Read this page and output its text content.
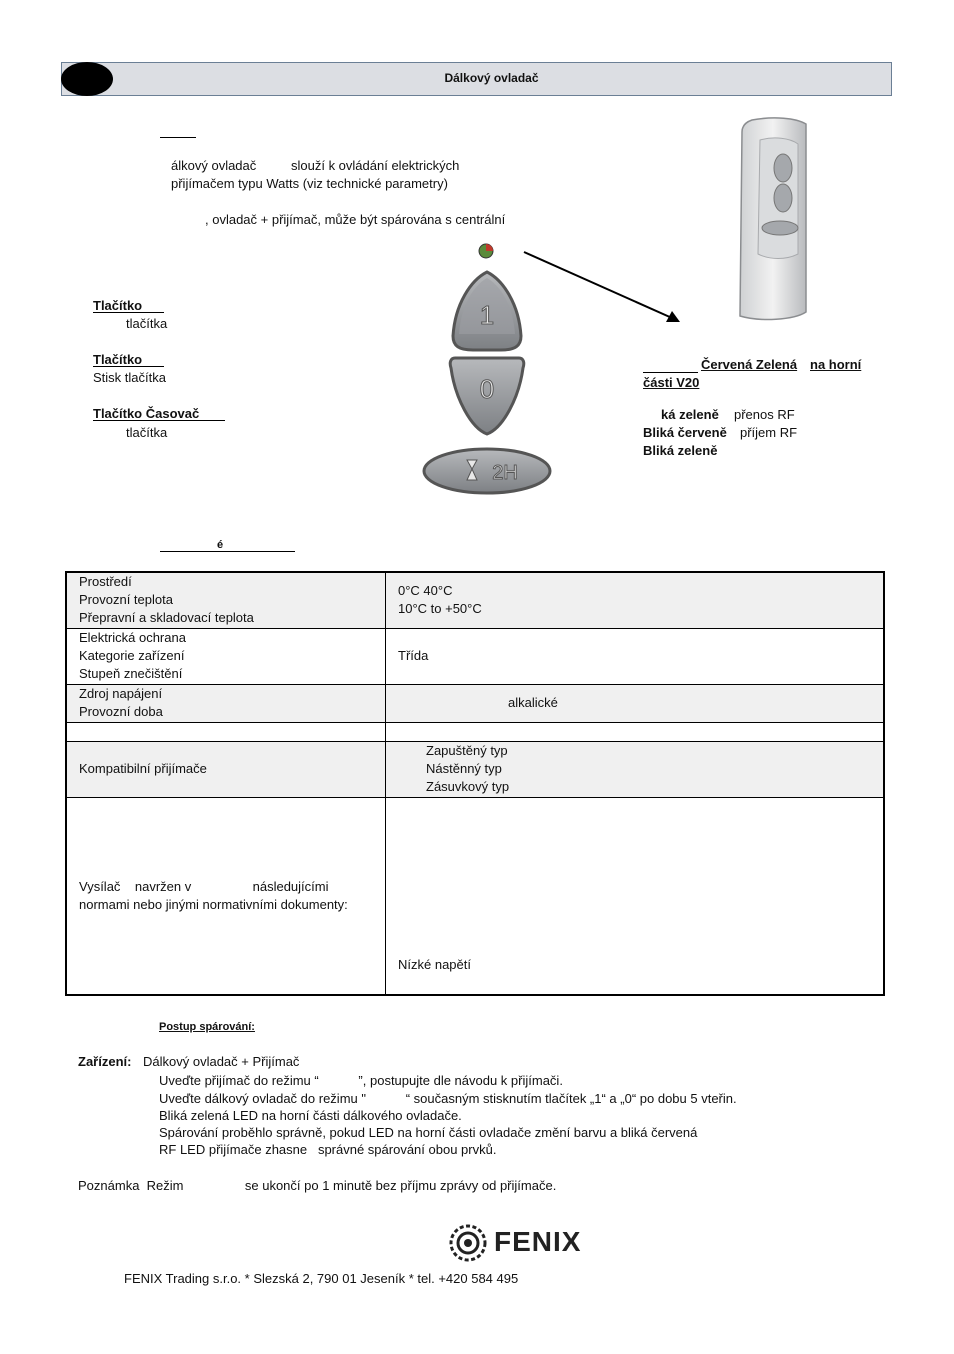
Dálkový ovladač
álkový ovladač	slouží k ovládání elektrických
přijímačem typu Watts (viz technické parametry)
, ovladač + přijímač, může být spárována s centrální
Tlačítko
tlačítka
Tlačítko
Stisk tlačítka
Tlačítko Časovač
tlačítka
1
0
2H
Červená Zelená na horní
části V20
ká zeleně přenos RF
Bliká červeně příjem RF
Bliká zeleně
é
Prostředí
Provozní teplota
Přepravní a skladovací teplota	0°C 40°C
10°C to +50°C

Elektrická ochrana
Kategorie zařízení
Stupeň znečištění	Třída

Zdroj napájení
Provozní doba	alkalické

Kompatibilní přijímače	Zapuštěný typ
Nástěnný typ
Zásuvkový typ

Vysílač    navržen v                 následujícími
normami nebo jinými normativními dokumenty:	Nízké napětí
Postup spárování:
Zařízení: Dálkový ovladač + Přijímač
Uveďte přijímač do režimu “           ”, postupujte dle návodu k přijímači.
Uveďte dálkový ovladač do režimu "           “ současným stisknutím tlačítek „1“ a „0“ po dobu 5 vteřin.
Bliká zelená LED na horní části dálkového ovladače.
Spárování proběhlo správně, pokud LED na horní části ovladače změní barvu a bliká červená
RF LED přijímače zhasne   správné spárování obou prvků.
Poznámka  Režim                 se ukončí po 1 minutě bez příjmu zprávy od přijímače.
FENIX
FENIX Trading s.r.o. * Slezská 2, 790 01 Jeseník * tel. +420 584 495
